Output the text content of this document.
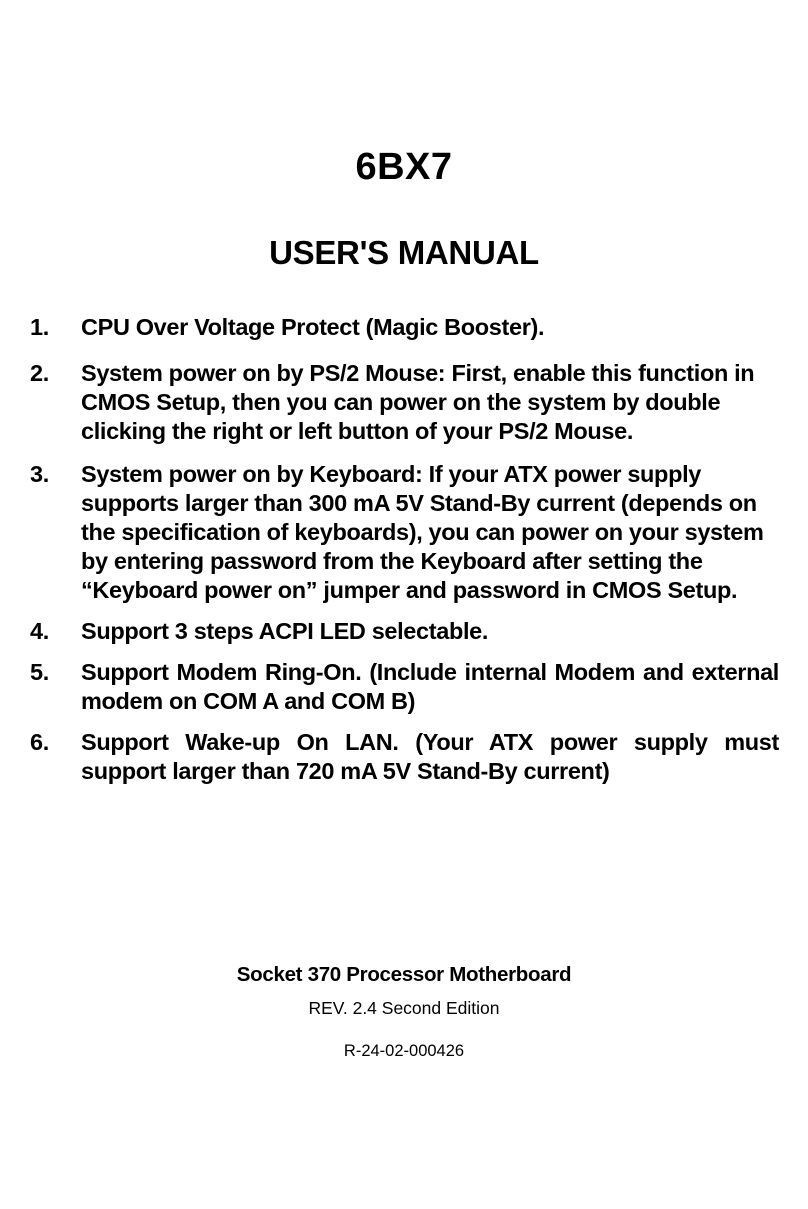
6BX7
USER'S MANUAL
1. CPU Over Voltage Protect (Magic Booster).
2. System power on by PS/2 Mouse: First, enable this function in CMOS Setup, then you can power on the system by double clicking the right or left button of your PS/2 Mouse.
3. System power on by Keyboard: If your ATX power supply supports larger than 300 mA 5V Stand-By current (depends on the specification of keyboards), you can power on your system by entering password from the Keyboard after setting the “Keyboard power on” jumper and password in CMOS Setup.
4. Support 3 steps ACPI LED selectable.
5. Support Modem Ring-On. (Include internal Modem and external modem on COM A and COM B)
6. Support Wake-up On LAN. (Your ATX power supply must support larger than 720 mA 5V Stand-By current)
Socket 370 Processor Motherboard
REV. 2.4 Second Edition
R-24-02-000426
